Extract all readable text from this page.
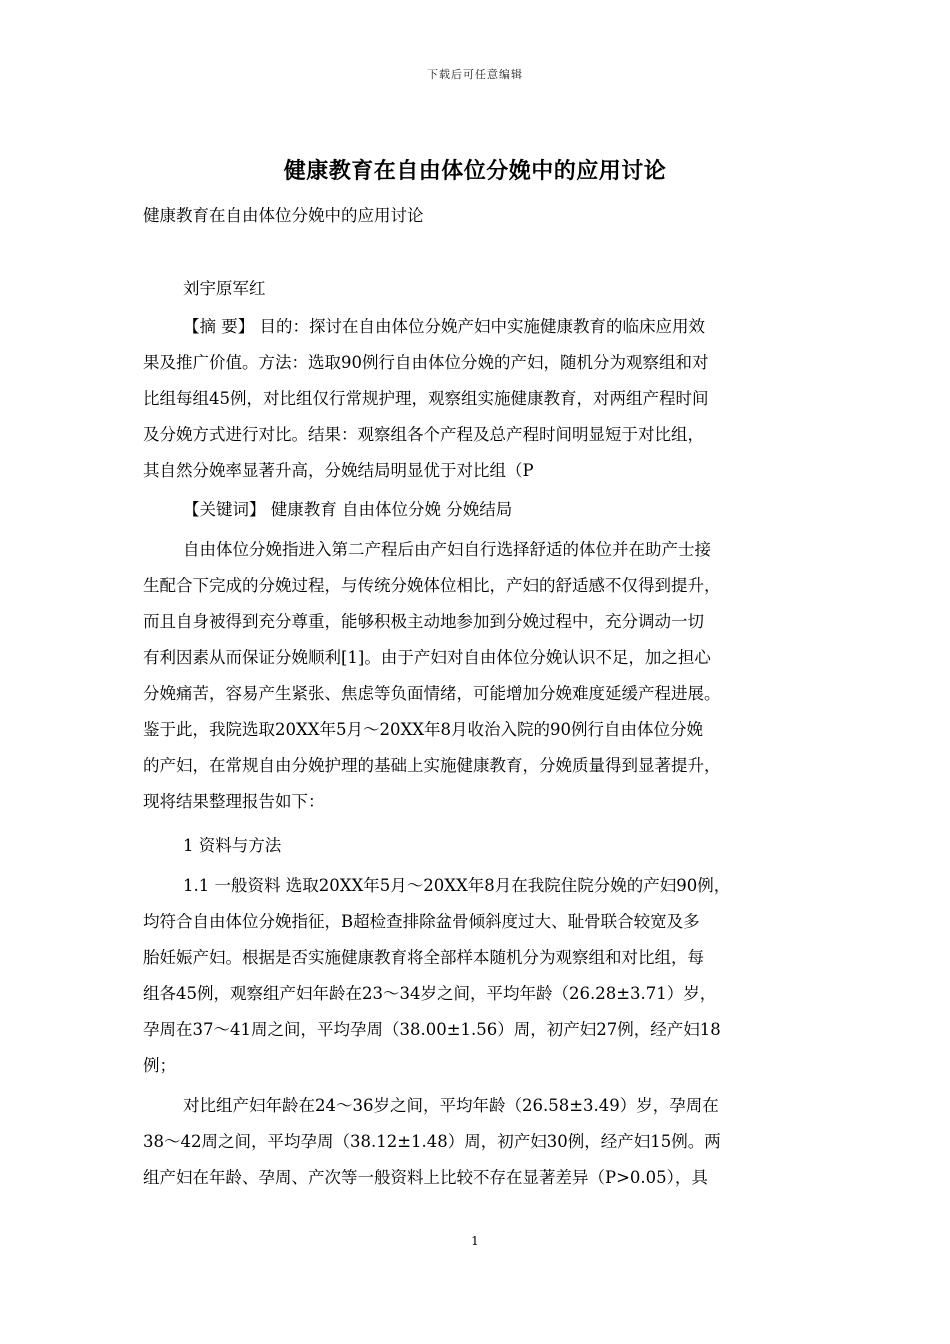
下载后可任意编辑
健康教育在自由体位分娩中的应用讨论
健康教育在自由体位分娩中的应用讨论
刘宇原军红
【摘 要】 目的：探讨在自由体位分娩产妇中实施健康教育的临床应用效
果及推广价值。方法：选取90例行自由体位分娩的产妇，随机分为观察组和对
比组每组45例，对比组仅行常规护理，观察组实施健康教育，对两组产程时间
及分娩方式进行对比。结果：观察组各个产程及总产程时间明显短于对比组，
其自然分娩率显著升高，分娩结局明显优于对比组（P
【关键词】 健康教育 自由体位分娩 分娩结局
自由体位分娩指进入第二产程后由产妇自行选择舒适的体位并在助产士接
生配合下完成的分娩过程，与传统分娩体位相比，产妇的舒适感不仅得到提升，
而且自身被得到充分尊重，能够积极主动地参加到分娩过程中，充分调动一切
有利因素从而保证分娩顺利[1]。由于产妇对自由体位分娩认识不足，加之担心
分娩痛苦，容易产生紧张、焦虑等负面情绪，可能增加分娩难度延缓产程进展。
鉴于此，我院选取20XX年5月～20XX年8月收治入院的90例行自由体位分娩
的产妇，在常规自由分娩护理的基础上实施健康教育，分娩质量得到显著提升，
现将结果整理报告如下：
1 资料与方法
1.1 一般资料 选取20XX年5月～20XX年8月在我院住院分娩的产妇90例，
均符合自由体位分娩指征，B超检查排除盆骨倾斜度过大、耻骨联合较宽及多
胎妊娠产妇。根据是否实施健康教育将全部样本随机分为观察组和对比组，每
组各45例，观察组产妇年龄在23～34岁之间，平均年龄（26.28±3.71）岁，
孕周在37～41周之间，平均孕周（38.00±1.56）周，初产妇27例，经产妇18
例；
对比组产妇年龄在24～36岁之间，平均年龄（26.58±3.49）岁，孕周在
38～42周之间，平均孕周（38.12±1.48）周，初产妇30例，经产妇15例。两
组产妇在年龄、孕周、产次等一般资料上比较不存在显著差异（P>0.05），具
1
